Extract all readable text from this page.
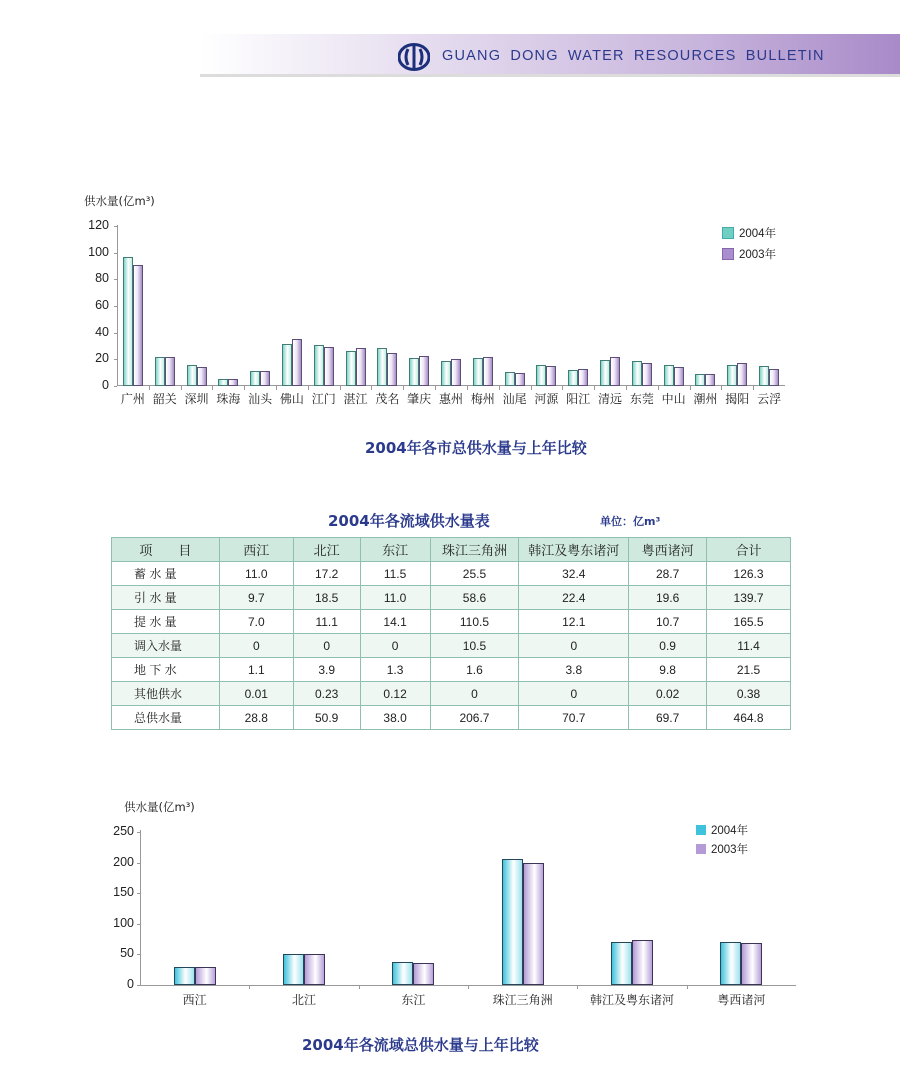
GUANG DONG WATER RESOURCES BULLETIN
供水量(亿m³)
0
20
40
60
80
100
120
广州 韶关 深圳 珠海 汕头 佛山 江门 湛江 茂名 肇庆 惠州 梅州 汕尾 河源 阳江 清远 东莞 中山 潮州 揭阳 云浮
2004年
2003年
2004年各市总供水量与上年比较
2004年各流域供水量表	单位：亿m³
项　　目	西江	北江	东江	珠江三角洲	韩江及粤东诸河	粤西诸河	合计
蓄 水 量	11.0	17.2	11.5	25.5	32.4	28.7	126.3
引 水 量	9.7	18.5	11.0	58.6	22.4	19.6	139.7
提 水 量	7.0	11.1	14.1	110.5	12.1	10.7	165.5
调入水量	0	0	0	10.5	0	0.9	11.4
地 下 水	1.1	3.9	1.3	1.6	3.8	9.8	21.5
其他供水	0.01	0.23	0.12	0	0	0.02	0.38
总供水量	28.8	50.9	38.0	206.7	70.7	69.7	464.8
供水量(亿m³)
0
50
100
150
200
250
西江	北江	东江	珠江三角洲	韩江及粤东诸河	粤西诸河
2004年
2003年
2004年各流域总供水量与上年比较
